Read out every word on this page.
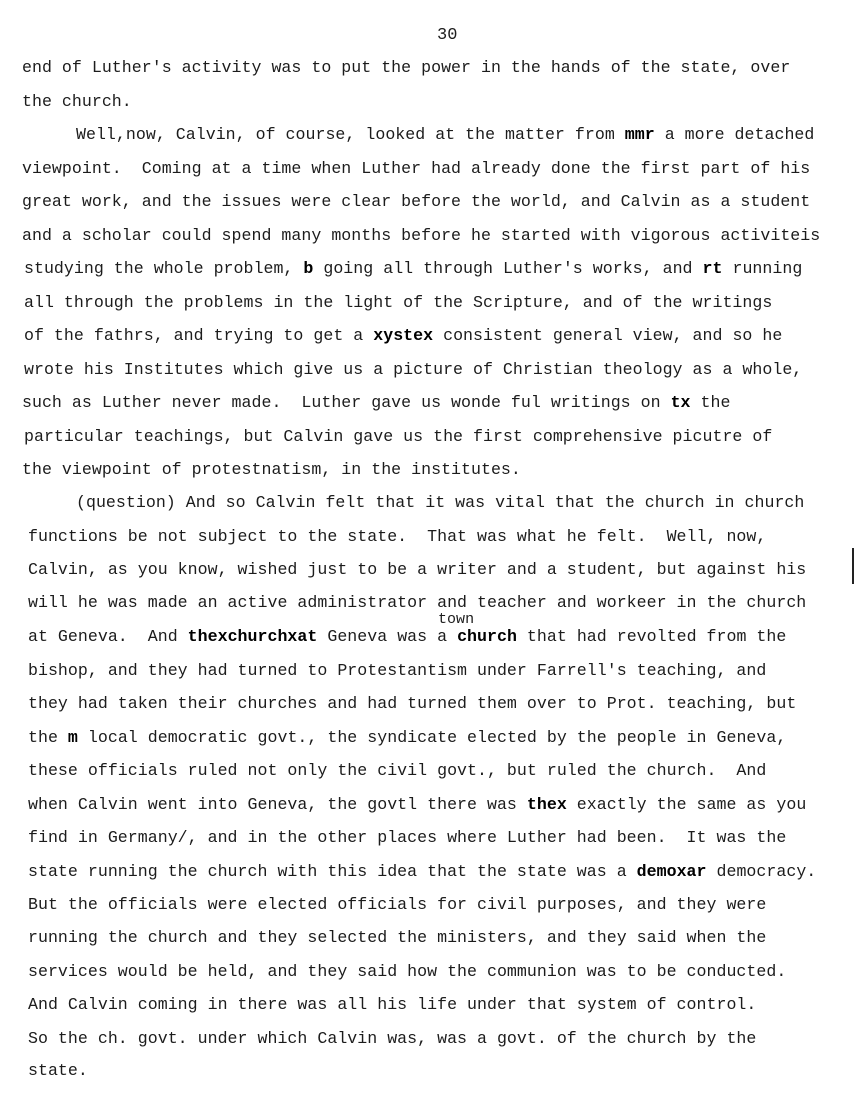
30
end of Luther's activity was to put the power in the hands of the state, over
the church.
Well,now, Calvin, of course, looked at the matter from mmr a more detached
viewpoint.  Coming at a time when Luther had already done the first part of his
great work, and the issues were clear before the world, and Calvin as a student
and a scholar could spend many months before he started with vigorous activiteis
studying the whole problem, b going all through Luther's works, and rt running
all through the problems in the light of the Scripture, and of the writings
of the fathrs, and trying to get a xystex consistent general view, and so he
wrote his Institutes which give us a picture of Christian theology as a whole,
such as Luther never made.  Luther gave us wonde ful writings on tx the
particular teachings, but Calvin gave us the first comprehensive picutre of
the viewpoint of protestnatism, in the institutes.
(question) And so Calvin felt that it was vital that the church in church
functions be not subject to the state.  That was what he felt.  Well, now,
Calvin, as you know, wished just to be a writer and a student, but against his
will he was made an active administrator and teacher and workeer in the church
town
at Geneva.  And thexchurchxat Geneva was a church that had revolted from the
bishop, and they had turned to Protestantism under Farrell's teaching, and
they had taken their churches and had turned them over to Prot. teaching, but
the m local democratic govt., the syndicate elected by the people in Geneva,
these officials ruled not only the civil govt., but ruled the church.  And
when Calvin went into Geneva, the govtl there was thex exactly the same as you
find in Germany/, and in the other places where Luther had been.  It was the
state running the church with this idea that the state was a demoxar democracy.
But the officials were elected officials for civil purposes, and they were
running the church and they selected the ministers, and they said when the
services would be held, and they said how the communion was to be conducted.
And Calvin coming in there was all his life under that system of control.
So the ch. govt. under which Calvin was, was a govt. of the church by the
state.
